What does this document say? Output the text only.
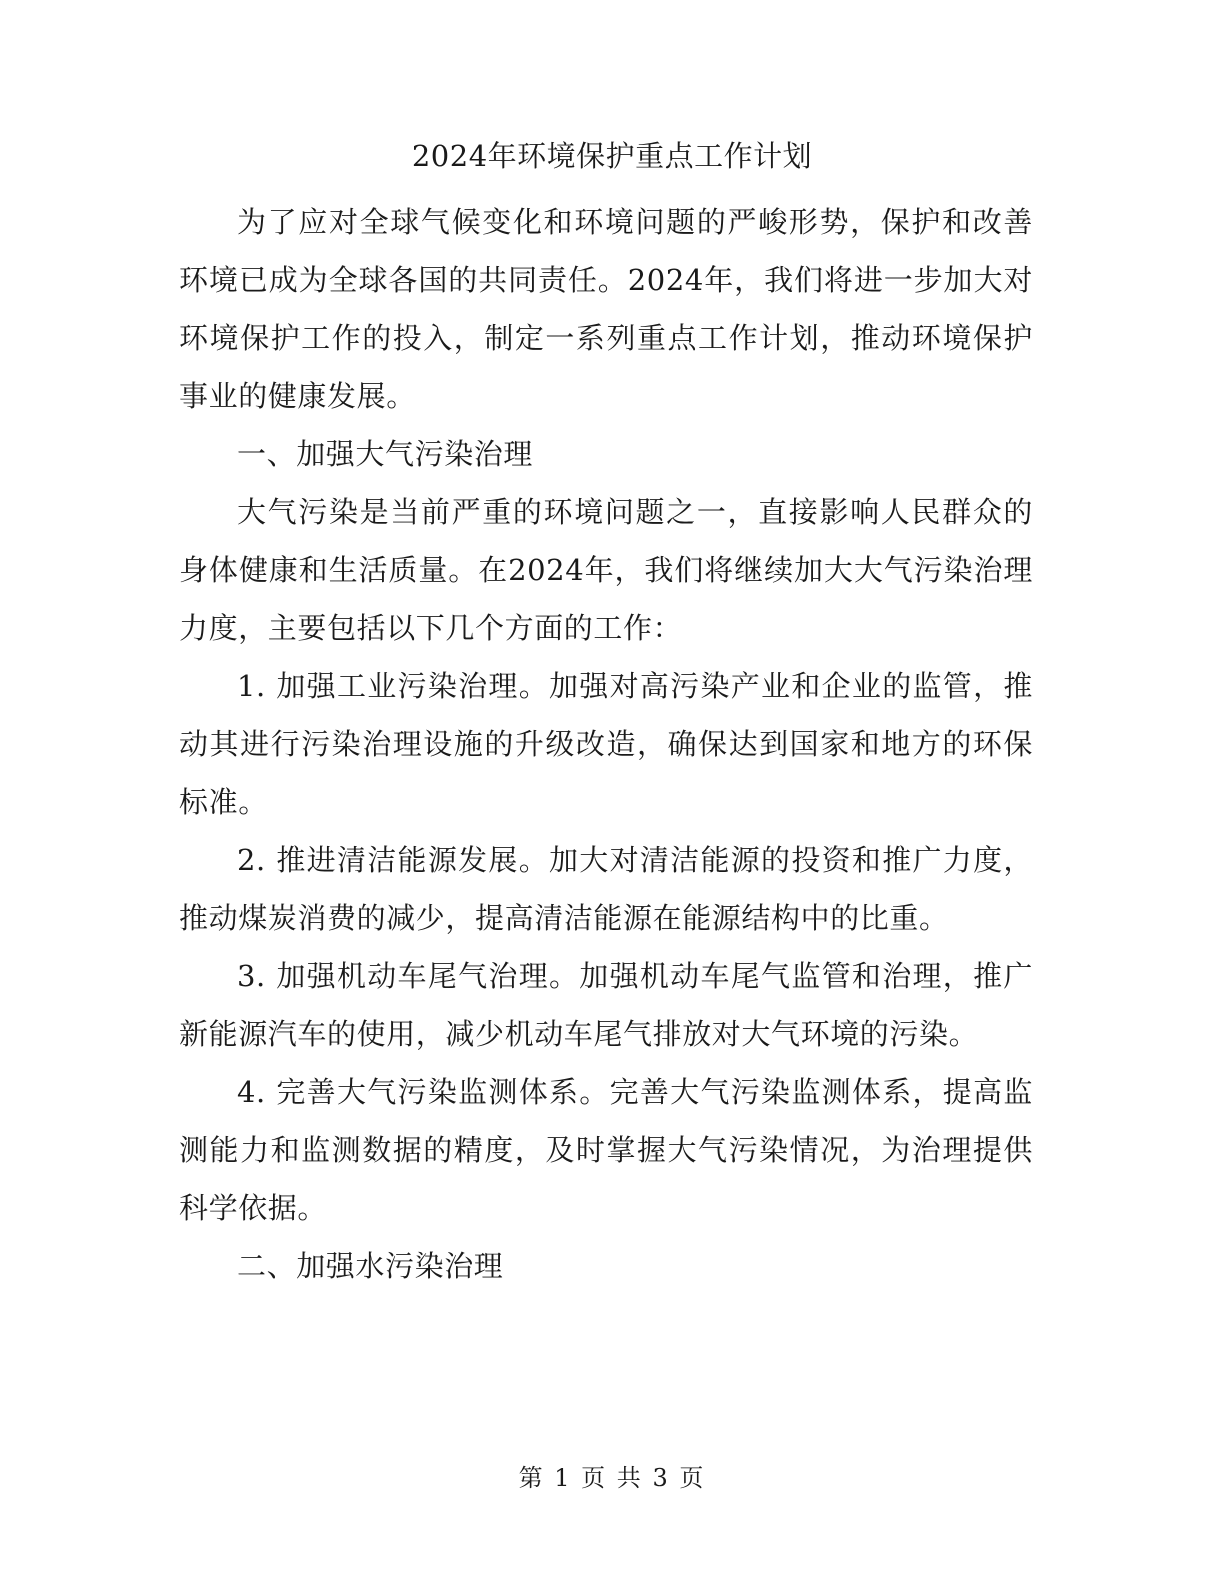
2024年环境保护重点工作计划

为了应对全球气候变化和环境问题的严峻形势，保护和改善环境已成为全球各国的共同责任。2024年，我们将进一步加大对环境保护工作的投入，制定一系列重点工作计划，推动环境保护事业的健康发展。

一、加强大气污染治理

大气污染是当前严重的环境问题之一，直接影响人民群众的身体健康和生活质量。在2024年，我们将继续加大大气污染治理力度，主要包括以下几个方面的工作：

1. 加强工业污染治理。加强对高污染产业和企业的监管，推动其进行污染治理设施的升级改造，确保达到国家和地方的环保标准。

2. 推进清洁能源发展。加大对清洁能源的投资和推广力度，推动煤炭消费的减少，提高清洁能源在能源结构中的比重。

3. 加强机动车尾气治理。加强机动车尾气监管和治理，推广新能源汽车的使用，减少机动车尾气排放对大气环境的污染。

4. 完善大气污染监测体系。完善大气污染监测体系，提高监测能力和监测数据的精度，及时掌握大气污染情况，为治理提供科学依据。

二、加强水污染治理

第 1 页 共 3 页
